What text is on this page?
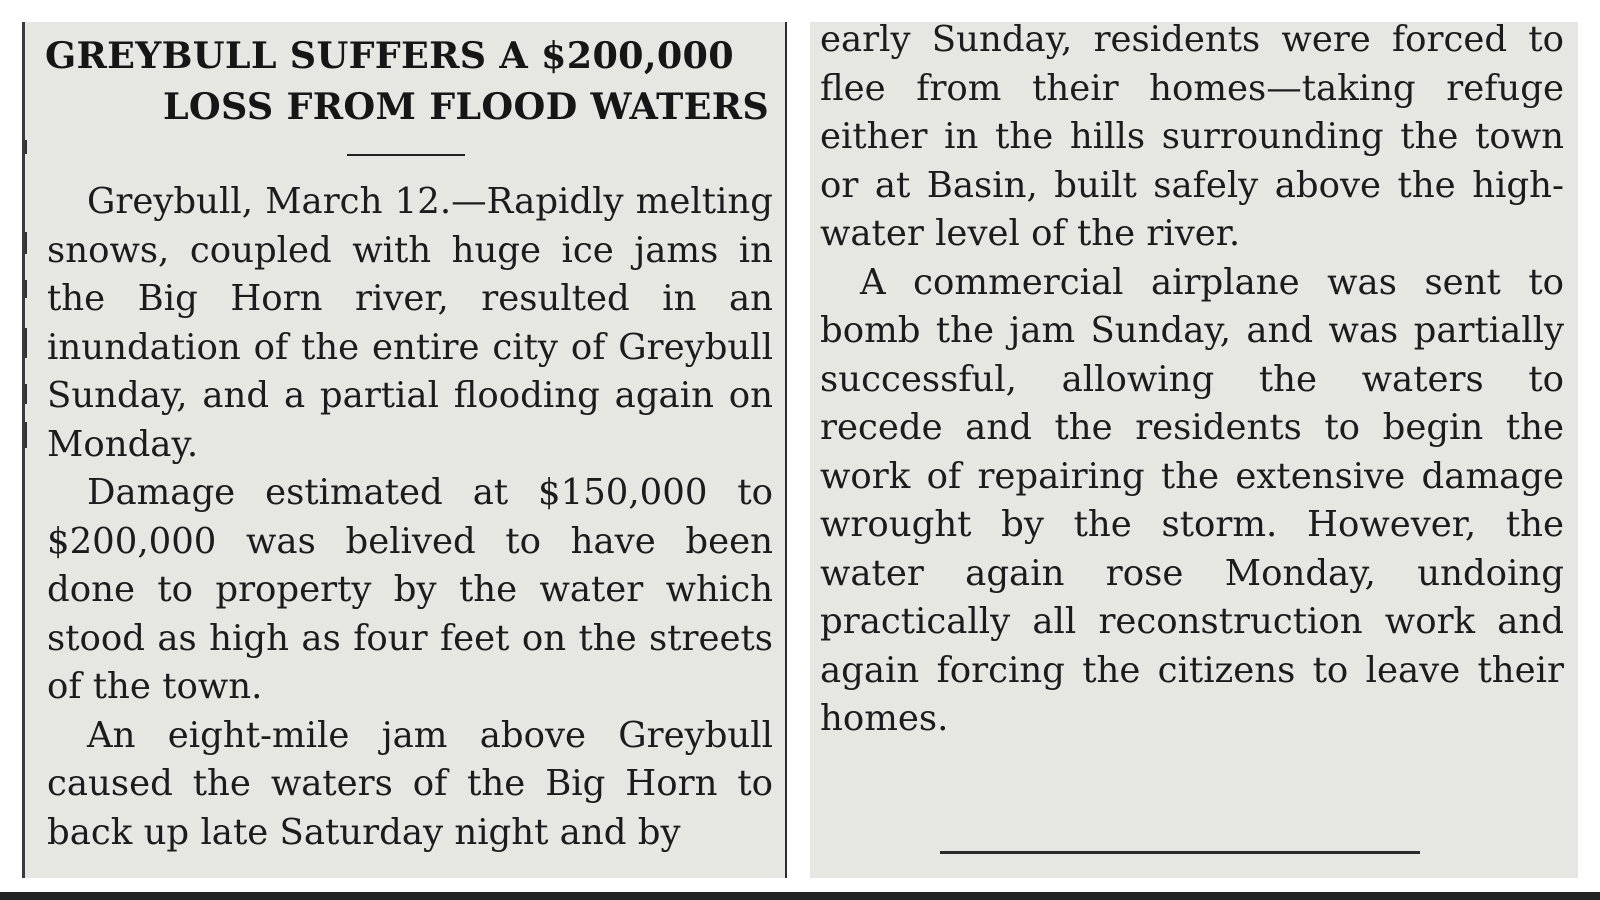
GREYBULL SUFFERS A $200,000
LOSS FROM FLOOD WATERS

Greybull, March 12.—Rapidly melting snows, coupled with huge ice jams in the Big Horn river, resulted in an inundation of the entire city of Greybull Sunday, and a partial flooding again on Monday.

Damage estimated at $150,000 to $200,000 was belived to have been done to property by the water which stood as high as four feet on the streets of the town.

An eight-mile jam above Greybull caused the waters of the Big Horn to back up late Saturday night and by

early Sunday, residents were forced to flee from their homes—taking refuge either in the hills surrounding the town or at Basin, built safely above the high-water level of the river.

A commercial airplane was sent to bomb the jam Sunday, and was partially successful, allowing the waters to recede and the residents to begin the work of repairing the extensive damage wrought by the storm. However, the water again rose Monday, undoing practically all reconstruction work and again forcing the citizens to leave their homes.
